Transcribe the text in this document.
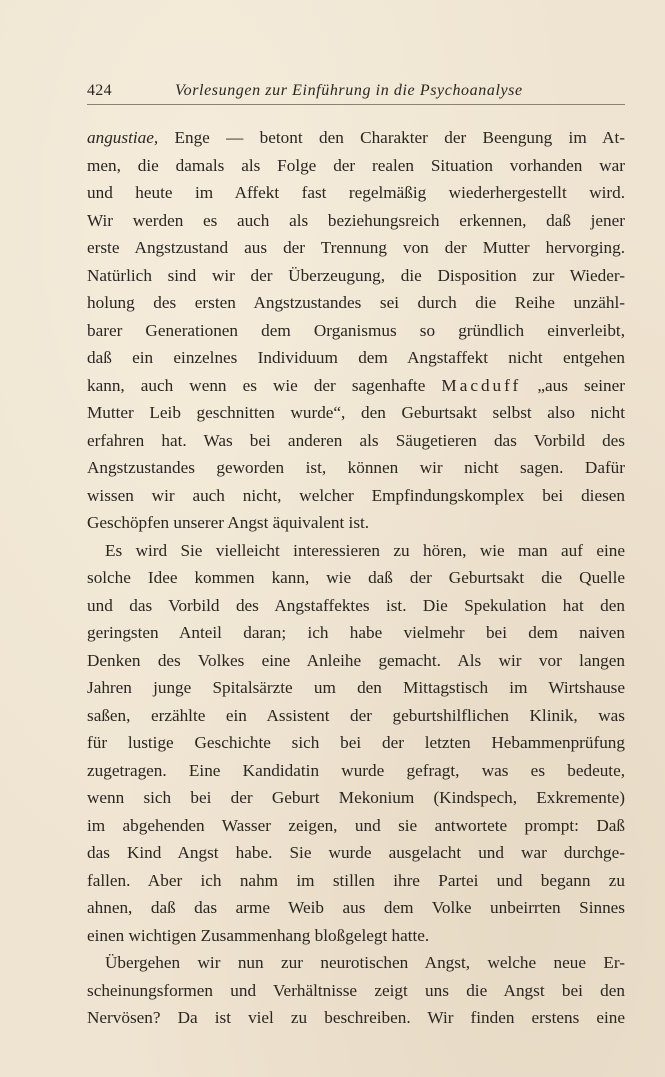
424	Vorlesungen zur Einführung in die Psychoanalyse
angustiae, Enge — betont den Charakter der Beengung im At-
men, die damals als Folge der realen Situation vorhanden war
und heute im Affekt fast regelmäßig wiederhergestellt wird.
Wir werden es auch als beziehungsreich erkennen, daß jener
erste Angstzustand aus der Trennung von der Mutter hervorging.
Natürlich sind wir der Überzeugung, die Disposition zur Wieder-
holung des ersten Angstzustandes sei durch die Reihe unzähl-
barer Generationen dem Organismus so gründlich einverleibt,
daß ein einzelnes Individuum dem Angstaffekt nicht entgehen
kann, auch wenn es wie der sagenhafte Macduff „aus seiner
Mutter Leib geschnitten wurde“, den Geburtsakt selbst also nicht
erfahren hat. Was bei anderen als Säugetieren das Vorbild des
Angstzustandes geworden ist, können wir nicht sagen. Dafür
wissen wir auch nicht, welcher Empfindungskomplex bei diesen
Geschöpfen unserer Angst äquivalent ist.
Es wird Sie vielleicht interessieren zu hören, wie man auf eine
solche Idee kommen kann, wie daß der Geburtsakt die Quelle
und das Vorbild des Angstaffektes ist. Die Spekulation hat den
geringsten Anteil daran; ich habe vielmehr bei dem naiven
Denken des Volkes eine Anleihe gemacht. Als wir vor langen
Jahren junge Spitalsärzte um den Mittagstisch im Wirtshause
saßen, erzählte ein Assistent der geburtshilflichen Klinik, was
für lustige Geschichte sich bei der letzten Hebammenprüfung
zugetragen. Eine Kandidatin wurde gefragt, was es bedeute,
wenn sich bei der Geburt Mekonium (Kindspech, Exkremente)
im abgehenden Wasser zeigen, und sie antwortete prompt: Daß
das Kind Angst habe. Sie wurde ausgelacht und war durchge-
fallen. Aber ich nahm im stillen ihre Partei und begann zu
ahnen, daß das arme Weib aus dem Volke unbeirrten Sinnes
einen wichtigen Zusammenhang bloßgelegt hatte.
Übergehen wir nun zur neurotischen Angst, welche neue Er-
scheinungsformen und Verhältnisse zeigt uns die Angst bei den
Nervösen? Da ist viel zu beschreiben. Wir finden erstens eine
